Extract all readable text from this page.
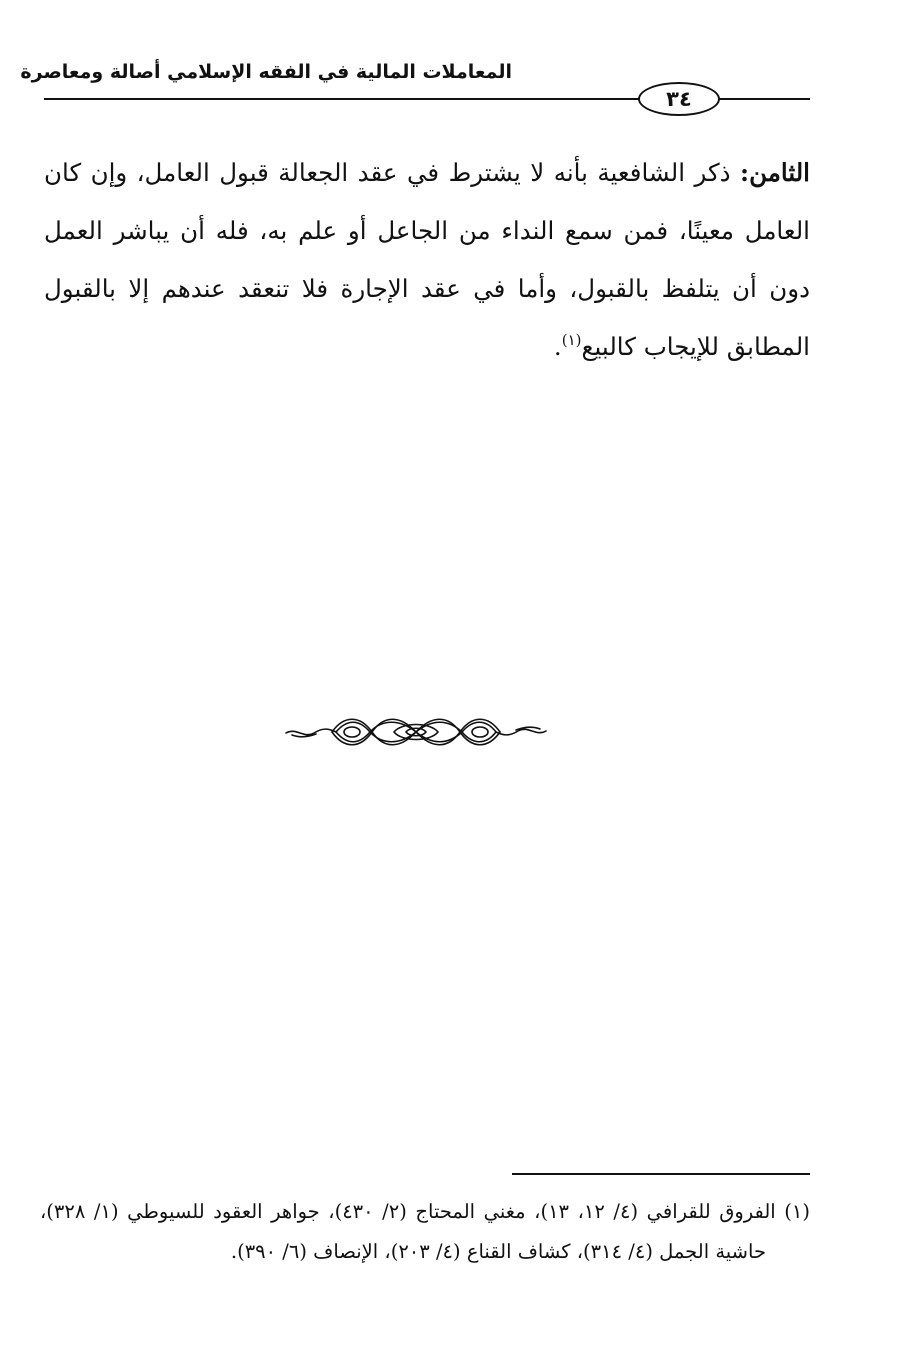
المعاملات المالية في الفقه الإسلامي أصالة ومعاصرة
٣٤
الثامن: ذكر الشافعية بأنه لا يشترط في عقد الجعالة قبول العامل، وإن كان العامل معينًا، فمن سمع النداء من الجاعل أو علم به، فله أن يباشر العمل دون أن يتلفظ بالقبول، وأما في عقد الإجارة فلا تنعقد عندهم إلا بالقبول المطابق للإيجاب كالبيع$^{(١)}$.
(١) الفروق للقرافي (٤/ ١٢، ١٣)، مغني المحتاج (٢/ ٤٣٠)، جواهر العقود للسيوطي (١/ ٣٢٨)، حاشية الجمل (٤/ ٣١٤)، كشاف القناع (٤/ ٢٠٣)، الإنصاف (٦/ ٣٩٠).
